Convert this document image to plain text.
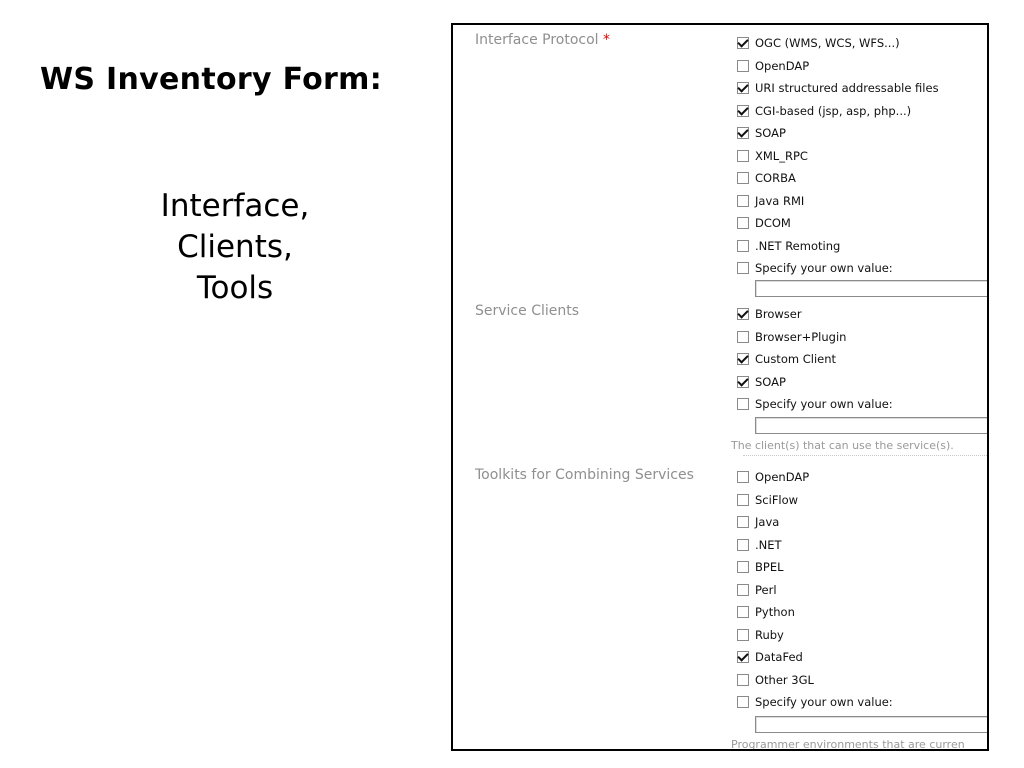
WS Inventory Form:
Interface,
Clients,
Tools
Interface Protocol *	OGC (WMS, WCS, WFS...)
OpenDAP
URI structured addressable files
CGI-based (jsp, asp, php...)
SOAP
XML_RPC
CORBA
Java RMI
DCOM
.NET Remoting
Specify your own value:
Service Clients	Browser
Browser+Plugin
Custom Client
SOAP
Specify your own value:
The client(s) that can use the service(s).
Toolkits for Combining Services	OpenDAP
SciFlow
Java
.NET
BPEL
Perl
Python
Ruby
DataFed
Other 3GL
Specify your own value:
Programmer environments that are curren
